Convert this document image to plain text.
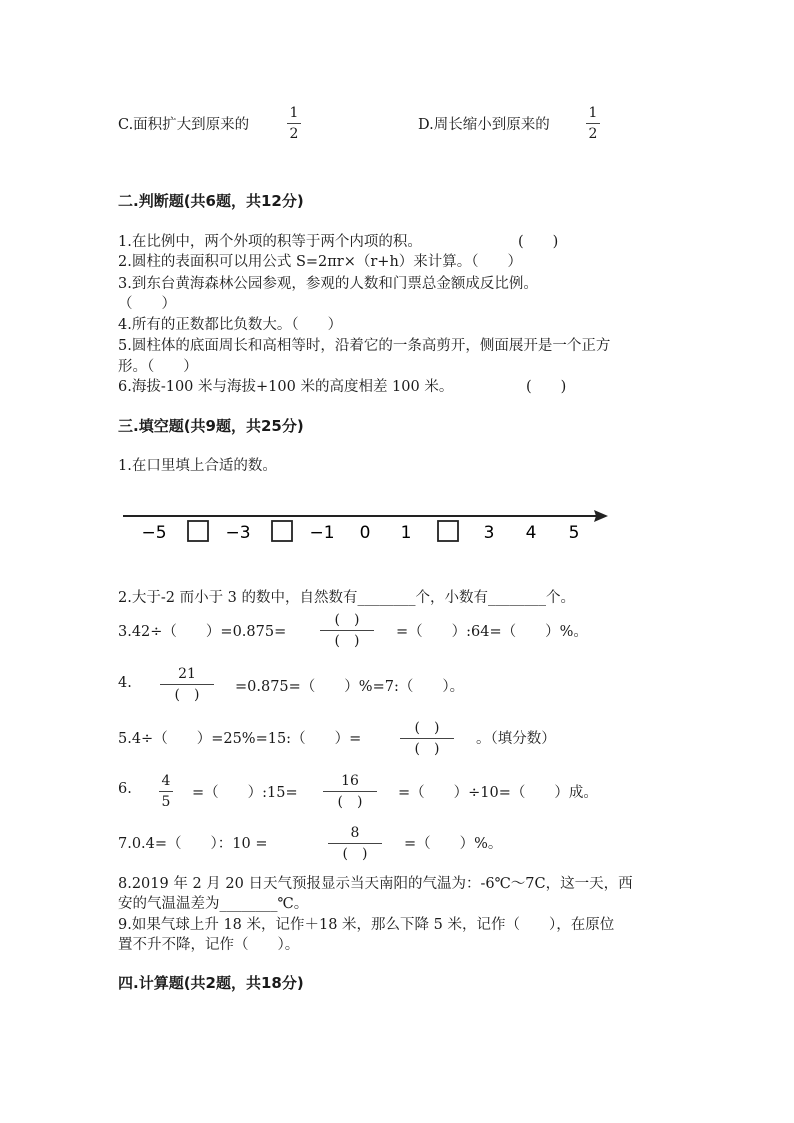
C.面积扩大到原来的
1
2
D.周长缩小到原来的
1
2
二.判断题(共6题，共12分)
1.在比例中，两个外项的积等于两个内项的积。	(　　)
2.圆柱的表面积可以用公式 S=2πr×（r+h）来计算。（　　）
3.到东台黄海森林公园参观，参观的人数和门票总金额成反比例。
（　　）
4.所有的正数都比负数大。（　　）
5.圆柱体的底面周长和高相等时，沿着它的一条高剪开，侧面展开是一个正方
形。（　　）
6.海拔-100 米与海拔+100 米的高度相差 100 米。	(　　)
三.填空题(共9题，共25分)
1.在口里填上合适的数。
−5	−3	−1 0 1	3 4 5
2.大于-2 而小于 3 的数中，自然数有________个，小数有________个。
3.42÷（　　）=0.875=
(　)
(　)
=（　　）:64=（　　）%。
4.
21
(　)	=0.875=（　　）%=7:（　　）。
5.4÷（　　）=25%=15:（　　）=
(　)
(　)
。（填分数）
6. 4
5
=（　　）:15=
16
(　)
=（　　）÷10=（　　）成。
7.0.4=（　　）：10 =
8
(　)
=（　　）%。
8.2019 年 2 月 20 日天气预报显示当天南阳的气温为：-6℃～7C，这一天，西
安的气温温差为________℃。
9.如果气球上升 18 米，记作＋18 米，那么下降 5 米，记作（　　），在原位
置不升不降，记作（　　）。
四.计算题(共2题，共18分)
